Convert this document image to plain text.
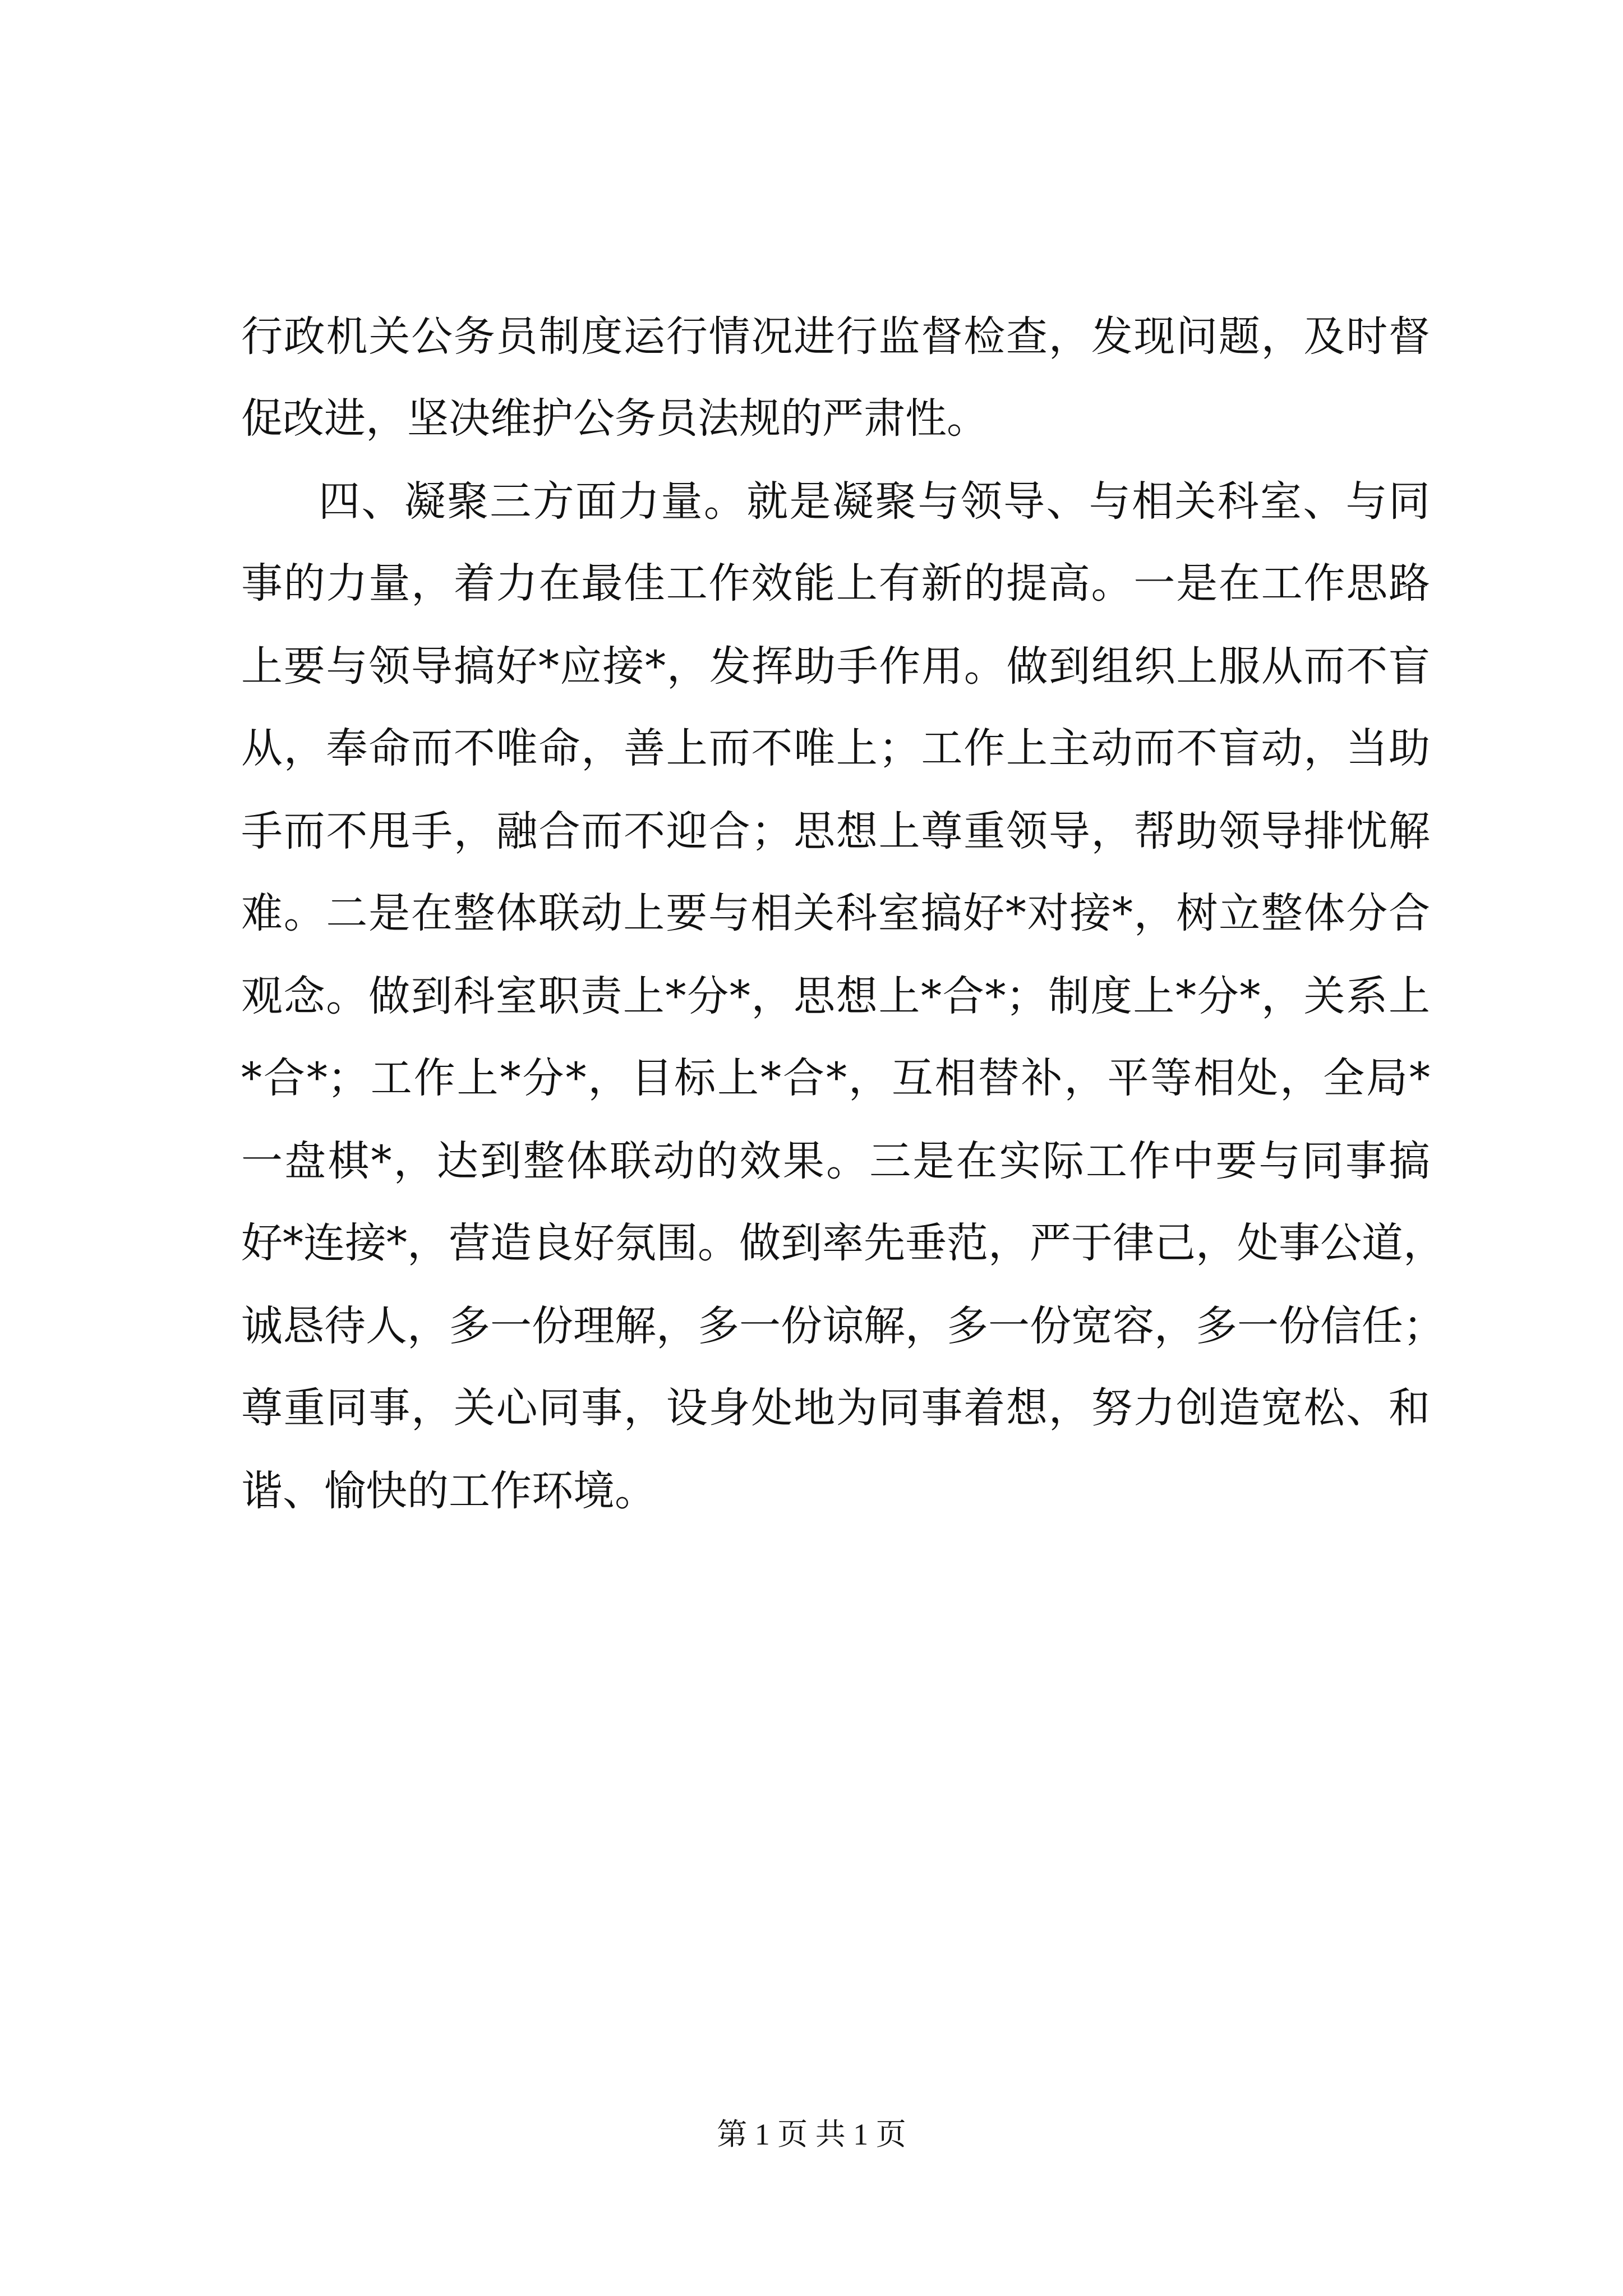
行政机关公务员制度运行情况进行监督检查，发现问题，及时督
促改进，坚决维护公务员法规的严肃性。
四、凝聚三方面力量。就是凝聚与领导、与相关科室、与同
事的力量，着力在最佳工作效能上有新的提高。一是在工作思路
上要与领导搞好*应接*，发挥助手作用。做到组织上服从而不盲
从，奉命而不唯命，善上而不唯上；工作上主动而不盲动，当助
手而不甩手，融合而不迎合；思想上尊重领导，帮助领导排忧解
难。二是在整体联动上要与相关科室搞好*对接*，树立整体分合
观念。做到科室职责上*分*，思想上*合*；制度上*分*，关系上
*合*；工作上*分*，目标上*合*，互相替补，平等相处，全局*
一盘棋*，达到整体联动的效果。三是在实际工作中要与同事搞
好*连接*，营造良好氛围。做到率先垂范，严于律己，处事公道，
诚恳待人，多一份理解，多一份谅解，多一份宽容，多一份信任；
尊重同事，关心同事，设身处地为同事着想，努力创造宽松、和
谐、愉快的工作环境。
第 1 页 共 1 页
